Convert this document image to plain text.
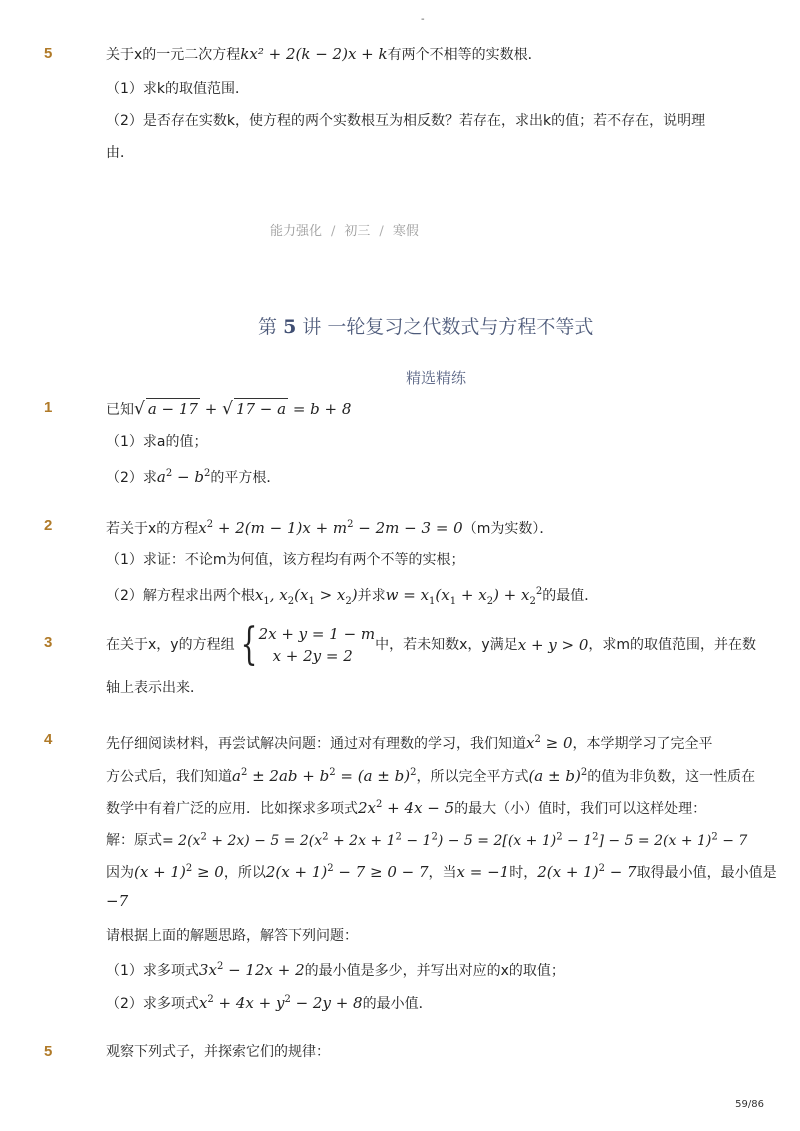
-
5	关于x的一元二次方程kx² + 2(k − 2)x + k有两个不相等的实数根．
（1）求k的取值范围．
（2）是否存在实数k，使方程的两个实数根互为相反数？若存在，求出k的值；若不存在，说明理
由．
能力强化 / 初三 / 寒假
第 5 讲 一轮复习之代数式与方程不等式
精选精练
1	已知√ a − 17 + √ 17 − a = b + 8
（1）求a的值；
（2）求$a^2 - b^2$的平方根．
2	若关于x的方程$x^2 + 2(m - 1)x + m^2 - 2m - 3 = 0(m$为实数）．
（1）求证：不论m为何值，该方程均有两个不等的实根；
（2）解方程求出两个根$x_1$, $x_2(x_1 > x_2)$并求$w = x_1(x_1 + x_2) + x_2^2$的最值．
3	在关于x，y的方程组 { 2x + y = 1 − m
x + 2y = 2
中，若未知数x，y满足x + y > 0，求m的取值范围，并在数
轴上表示出来．
4	先仔细阅读材料，再尝试解决问题：通过对有理数的学习，我们知道$x^2 \ge 0$，本学期学习了完全平
方公式后，我们知道$a^2 \pm 2ab + b^2 = (a \pm b)^2$，所以完全平方式$(a \pm b)^2$的值为非负数，这一性质在
数学中有着广泛的应用．比如探求多项式$2x^2 + 4x - 5$的最大（小）值时，我们可以这样处理：
解：原式= $2(x^2 + 2x) - 5 = 2(x^2 + 2x + 1^2 - 1^2) - 5 = 2[(x + 1)^2 - 1^2] - 5 = 2(x + 1)^2 - 7$
因为$(x + 1)^2 \ge 0$，所以$2(x + 1)^2 - 7 \ge 0 - 7$，当x = −1时，$2(x + 1)^2 - 7$取得最小值，最小值是
−7
请根据上面的解题思路，解答下列问题：
（1）求多项式$3x^2 - 12x + 2$的最小值是多少，并写出对应的x的取值；
（2）求多项式$x^2 + 4x + y^2 - 2y + 8$的最小值．
5	观察下列式子，并探索它们的规律：
59/86
